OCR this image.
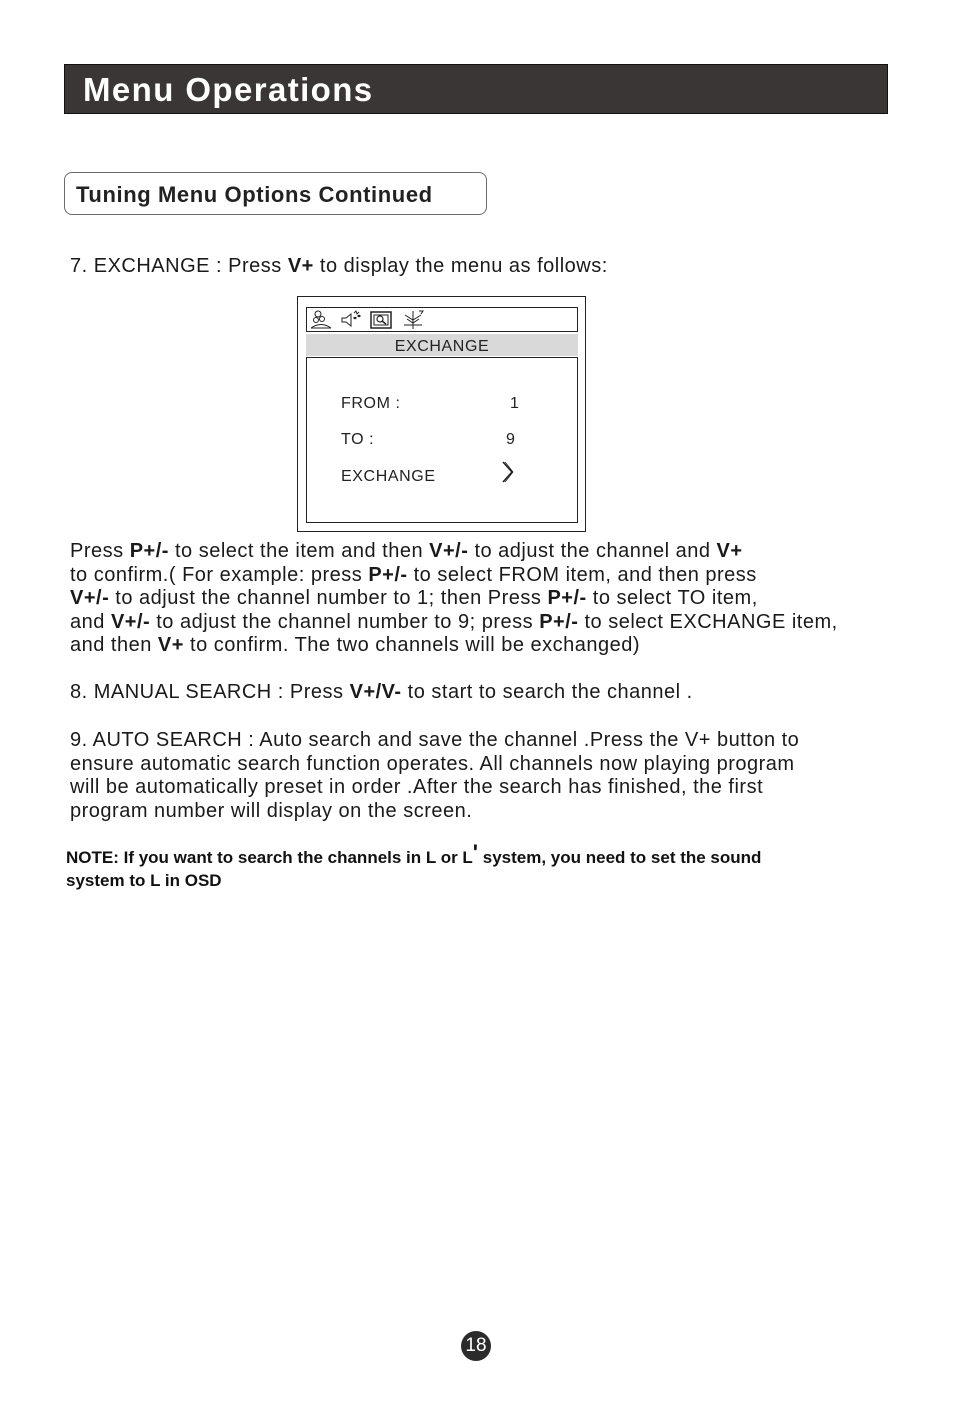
Menu Operations
Tuning Menu Options Continued
7. EXCHANGE : Press V+ to display the menu as follows:
EXCHANGE
FROM :	1
TO :	9
EXCHANGE
Press P+/- to select the item and then V+/- to adjust the channel and V+
to confirm.( For example: press P+/- to select FROM item, and then press
V+/- to adjust the channel number to 1; then Press P+/- to select TO item,
and V+/- to adjust the channel number to 9; press P+/- to select EXCHANGE item,
and then V+ to confirm. The two channels will be exchanged)
8. MANUAL SEARCH : Press V+/V- to start to search the channel .
9. AUTO SEARCH : Auto search and save the channel .Press the V+ button to
ensure automatic search function operates. All channels now playing program
will be automatically preset in order .After the search has finished, the first
program number will display on the screen.
NOTE: If you want to search the channels in L or L' system, you need to set the sound
system to L in OSD
18
